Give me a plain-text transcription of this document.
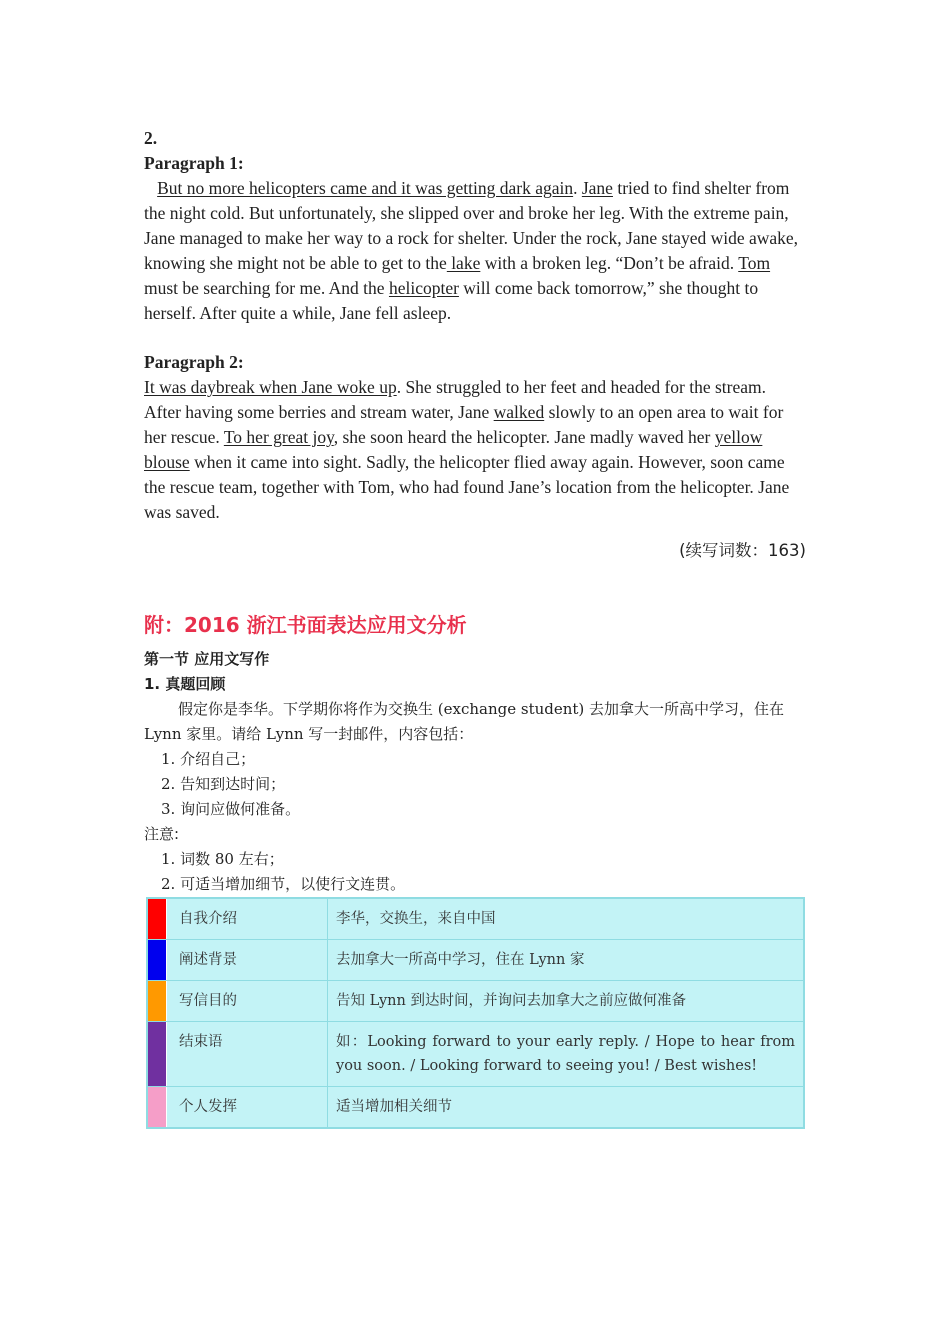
2.
Paragraph 1:
But no more helicopters came and it was getting dark again. Jane tried to find shelter from the night cold. But unfortunately, she slipped over and broke her leg. With the extreme pain, Jane managed to make her way to a rock for shelter. Under the rock, Jane stayed wide awake, knowing she might not be able to get to the lake with a broken leg. “Don’t be afraid. Tom must be searching for me. And the helicopter will come back tomorrow,” she thought to herself. After quite a while, Jane fell asleep.
Paragraph 2:
It was daybreak when Jane woke up. She struggled to her feet and headed for the stream. After having some berries and stream water, Jane walked slowly to an open area to wait for her rescue. To her great joy, she soon heard the helicopter. Jane madly waved her yellow blouse when it came into sight. Sadly, the helicopter flied away again. However, soon came the rescue team, together with Tom, who had found Jane’s location from the helicopter. Jane was saved.
(续写词数：163)
附：2016 浙江书面表达应用文分析
第一节 应用文写作
1. 真题回顾
假定你是李华。下学期你将作为交换生 (exchange student) 去加拿大一所高中学习，住在 Lynn 家里。请给 Lynn 写一封邮件，内容包括：
1. 介绍自己；
2. 告知到达时间；
3. 询问应做何准备。
注意:
1. 词数 80 左右；
2. 可适当增加细节，以使行文连贯。
	自我介绍	李华，交换生，来自中国
	阐述背景	去加拿大一所高中学习，住在 Lynn 家
	写信目的	告知 Lynn 到达时间，并询问去加拿大之前应做何准备
	结束语	如：Looking forward to your early reply. / Hope to hear from you soon. / Looking forward to seeing you! / Best wishes!
	个人发挥	适当增加相关细节
